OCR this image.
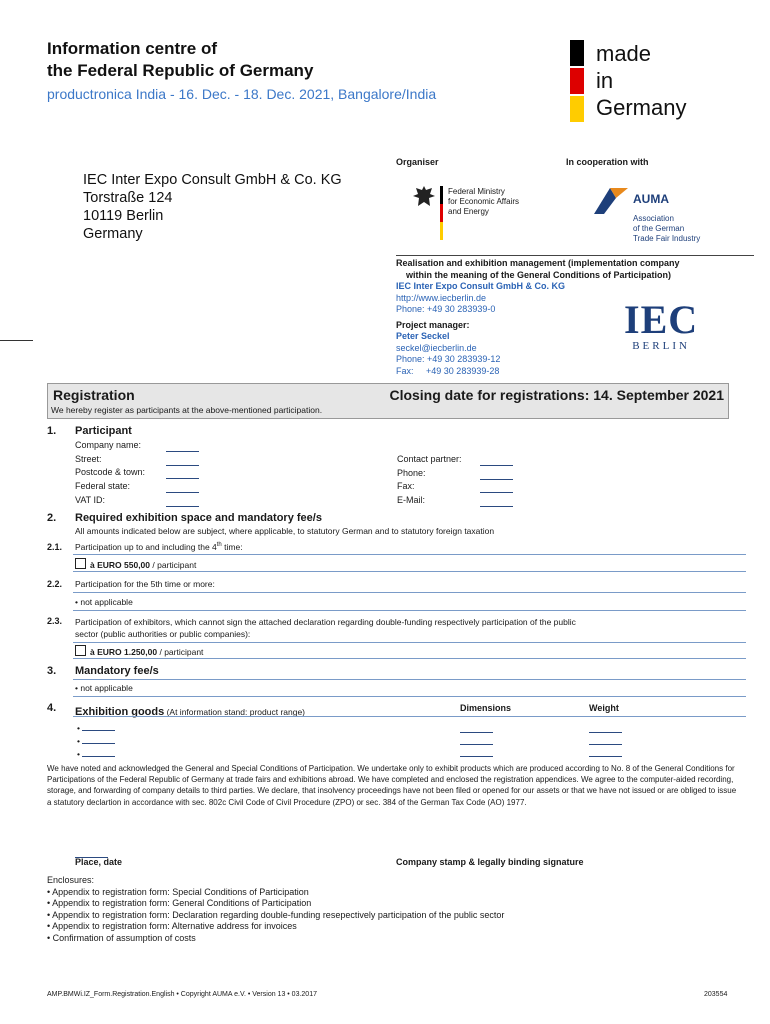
Information centre of
the Federal Republic of Germany
productronica India - 16. Dec. - 18. Dec. 2021, Bangalore/India
made
in
Germany
IEC Inter Expo Consult GmbH & Co. KG
Torstraße 124
10119 Berlin
Germany
Organiser
Federal Ministry
for Economic Affairs
and Energy
In cooperation with
AUMA
Association
of the German
Trade Fair Industry
Realisation and exhibition management (implementation company
within the meaning of the General Conditions of Participation)
IEC Inter Expo Consult GmbH & Co. KG
http://www.iecberlin.de
Phone: +49 30 283939-0
Project manager:
Peter Seckel
seckel@iecberlin.de
Phone: +49 30 283939-12
Fax: +49 30 283939-28
IEC
BERLIN
Registration	Closing date for registrations: 14. September 2021
We hereby register as participants at the above-mentioned participation.
1. Participant
Company name:
Street:
Postcode & town:
Federal state:
VAT ID:
Contact partner:
Phone:
Fax:
E-Mail:
2. Required exhibition space and mandatory fee/s
All amounts indicated below are subject, where applicable, to statutory German and to statutory foreign taxation
2.1. Participation up to and including the 4th time:
à EURO 550,00 / participant
2.2. Participation for the 5th time or more:
• not applicable
2.3. Participation of exhibitors, which cannot sign the attached declaration regarding double-funding respectively participation of the public
sector (public authorities or public companies):
à EURO 1.250,00 / participant
3. Mandatory fee/s
• not applicable
4. Exhibition goods (At information stand: product range)	Dimensions	Weight
•
•
•
We have noted and acknowledged the General and Special Conditions of Participation. We undertake only to exhibit products which are produced according to No. 8 of the General Conditions for Participations of the Federal Republic of Germany at trade fairs and exhibitions abroad. We have completed and enclosed the registration appendices. We agree to the computer-aided recording, storage, and forwarding of company details to third parties. We declare, that insolvency proceedings have not been filed or opened for our assets or that we have not issued or are obliged to issue a statutory declartion in accordance with sec. 802c Civil Code of Civil Procedure (ZPO) or sec. 384 of the German Tax Code (AO) 1977.
Place, date	Company stamp & legally binding signature
Enclosures:
• Appendix to registration form: Special Conditions of Participation
• Appendix to registration form: General Conditions of Participation
• Appendix to registration form: Declaration regarding double-funding resepectively participation of the public sector
• Appendix to registration form: Alternative address for invoices
• Confirmation of assumption of costs
AMP.BMWi.IZ_Form.Registration.English • Copyright AUMA e.V. • Version 13 • 03.2017	203554
